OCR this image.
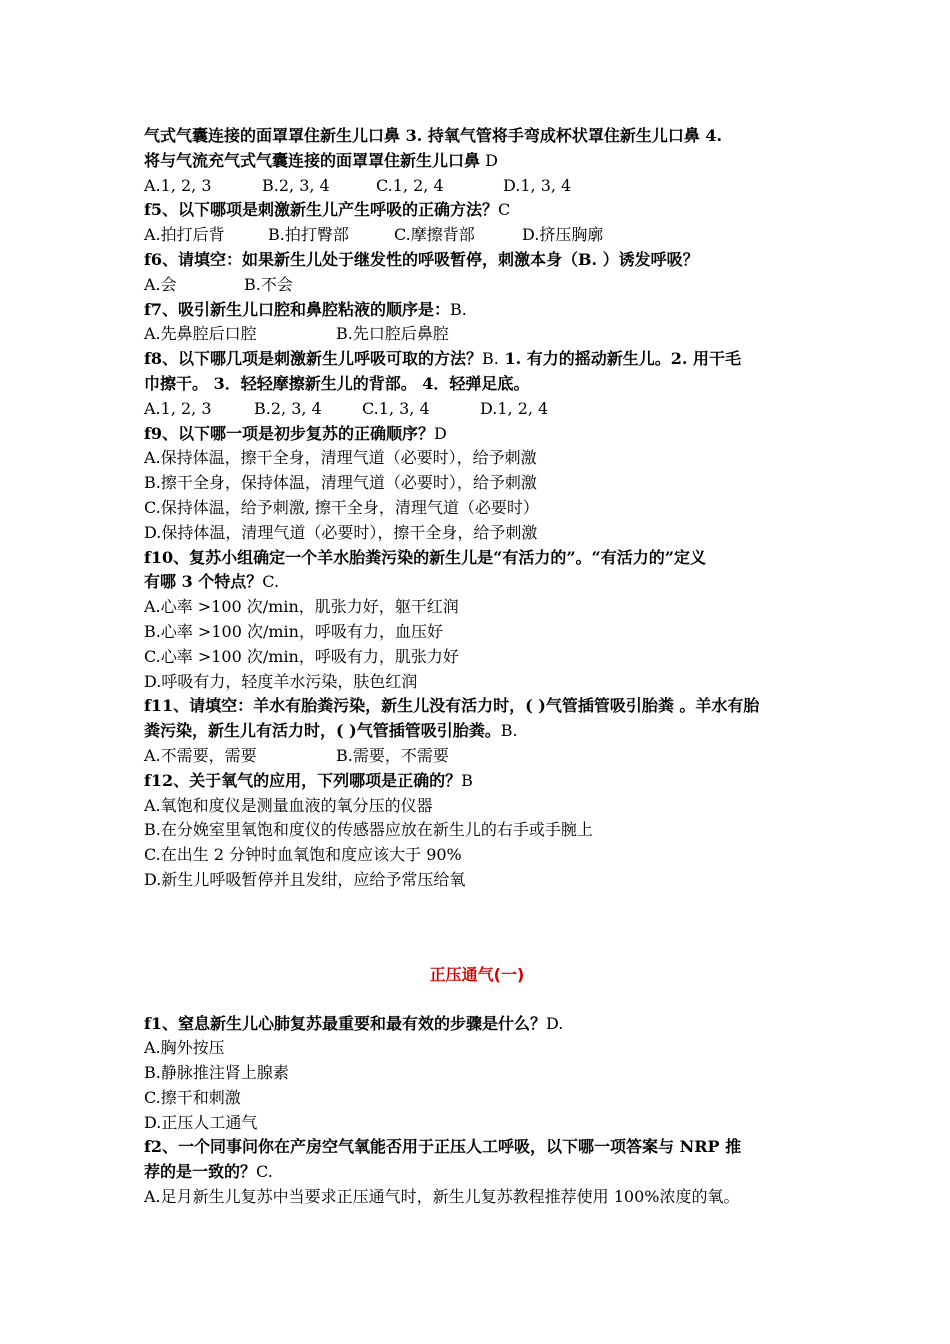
气式气囊连接的面罩罩住新生儿口鼻 3. 持氧气管将手弯成杯状罩住新生儿口鼻 4.
将与气流充气式气囊连接的面罩罩住新生儿口鼻 D
A.1, 2, 3	B.2, 3, 4	C.1, 2, 4	D.1, 3, 4
f5、以下哪项是刺激新生儿产生呼吸的正确方法？C
A.拍打后背	B.拍打臀部	C.摩擦背部	D.挤压胸廓
f6、请填空：如果新生儿处于继发性的呼吸暂停，刺激本身（B. ）诱发呼吸？
A.会	B.不会
f7、吸引新生儿口腔和鼻腔粘液的顺序是：B.
A.先鼻腔后口腔	B.先口腔后鼻腔
f8、以下哪几项是刺激新生儿呼吸可取的方法？B. 1. 有力的摇动新生儿。2. 用干毛
巾擦干。 3．轻轻摩擦新生儿的背部。 4．轻弹足底。
A.1, 2, 3	B.2, 3, 4	C.1, 3, 4	D.1, 2, 4
f9、以下哪一项是初步复苏的正确顺序？D
A.保持体温，擦干全身，清理气道（必要时），给予刺激
B.擦干全身，保持体温，清理气道（必要时），给予刺激
C.保持体温，给予刺激, 擦干全身，清理气道（必要时）
D.保持体温，清理气道（必要时），擦干全身，给予刺激
f10、复苏小组确定一个羊水胎粪污染的新生儿是“有活力的”。“有活力的”定义
有哪 3 个特点？C.
A.心率 >100 次/min，肌张力好，躯干红润
B.心率 >100 次/min，呼吸有力，血压好
C.心率 >100 次/min，呼吸有力，肌张力好
D.呼吸有力，轻度羊水污染，肤色红润
f11、请填空：羊水有胎粪污染，新生儿没有活力时，( )气管插管吸引胎粪 。羊水有胎
粪污染，新生儿有活力时，( )气管插管吸引胎粪。B.
A.不需要，需要	B.需要，不需要
f12、关于氧气的应用，下列哪项是正确的？B
A.氧饱和度仪是测量血液的氧分压的仪器
B.在分娩室里氧饱和度仪的传感器应放在新生儿的右手或手腕上
C.在出生 2 分钟时血氧饱和度应该大于 90%
D.新生儿呼吸暂停并且发绀，应给予常压给氧
正压通气(一)
f1、窒息新生儿心肺复苏最重要和最有效的步骤是什么？D.
A.胸外按压
B.静脉推注肾上腺素
C.擦干和刺激
D.正压人工通气
f2、一个同事问你在产房空气氧能否用于正压人工呼吸，以下哪一项答案与 NRP 推
荐的是一致的？C.
A.足月新生儿复苏中当要求正压通气时，新生儿复苏教程推荐使用 100%浓度的氧。
